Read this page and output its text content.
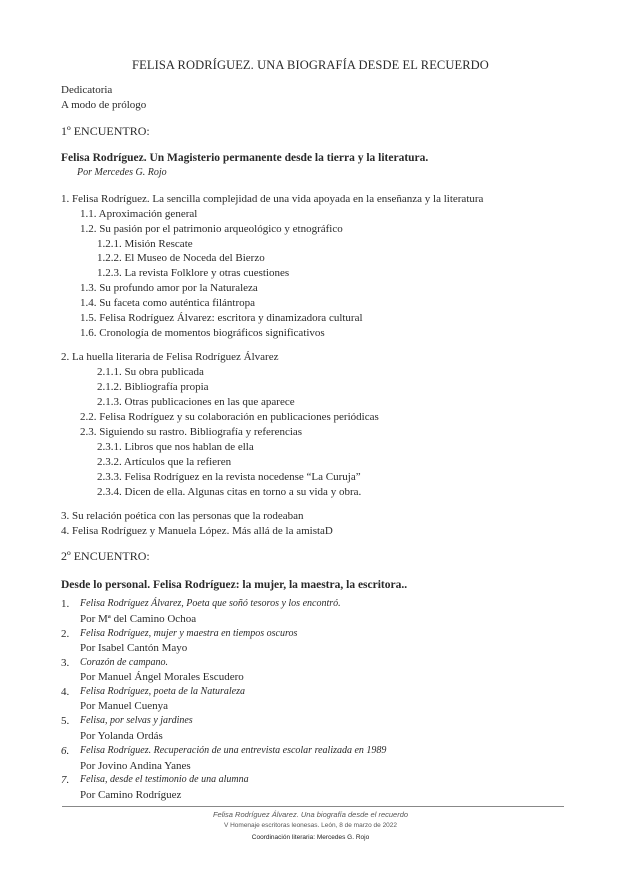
FELISA RODRÍGUEZ. UNA BIOGRAFÍA DESDE EL RECUERDO
Dedicatoria
A modo de prólogo
1º ENCUENTRO:
Felisa Rodríguez. Un Magisterio permanente desde la tierra y la literatura.
Por Mercedes G. Rojo
1. Felisa Rodríguez. La sencilla complejidad de una vida apoyada en la enseñanza y la literatura
1.1. Aproximación general
1.2. Su pasión por el patrimonio arqueológico y etnográfico
1.2.1. Misión Rescate
1.2.2. El Museo de Noceda del Bierzo
1.2.3. La revista Folklore y otras cuestiones
1.3. Su profundo amor por la Naturaleza
1.4. Su faceta como auténtica filántropa
1.5. Felisa Rodríguez Álvarez: escritora y dinamizadora cultural
1.6. Cronología de momentos biográficos significativos
2. La huella literaria de Felisa Rodríguez Álvarez
2.1.1. Su obra publicada
2.1.2. Bibliografía propia
2.1.3. Otras publicaciones en las que aparece
2.2. Felisa Rodríguez y su colaboración en publicaciones periódicas
2.3. Siguiendo su rastro. Bibliografía y referencias
2.3.1. Libros que nos hablan de ella
2.3.2. Artículos que la refieren
2.3.3. Felisa Rodríguez en la revista nocedense “La Curuja”
2.3.4. Dicen de ella. Algunas citas en torno a su vida y obra.
3. Su relación poética con las personas que la rodeaban
4. Felisa Rodríguez y Manuela López. Más allá de la amistaD
2º ENCUENTRO:
Desde lo personal. Felisa Rodríguez: la mujer, la maestra, la escritora..
1. Felisa Rodríguez Álvarez, Poeta que soñó tesoros y los encontró.
Por Mª del Camino Ochoa
2. Felisa Rodríguez, mujer y maestra en tiempos oscuros
Por Isabel Cantón Mayo
3. Corazón de campano.
Por Manuel Ángel Morales Escudero
4. Felisa Rodríguez, poeta de la Naturaleza
Por Manuel Cuenya
5. Felisa, por selvas y jardines
Por Yolanda Ordás
6. Felisa Rodríguez. Recuperación de una entrevista escolar realizada en 1989
Por Jovino Andina Yanes
7. Felisa, desde el testimonio de una alumna
Por Camino Rodríguez
Felisa Rodríguez Álvarez. Una biografía desde el recuerdo
V Homenaje escritoras leonesas. León, 8 de marzo de 2022
Coordinación literaria: Mercedes G. Rojo
